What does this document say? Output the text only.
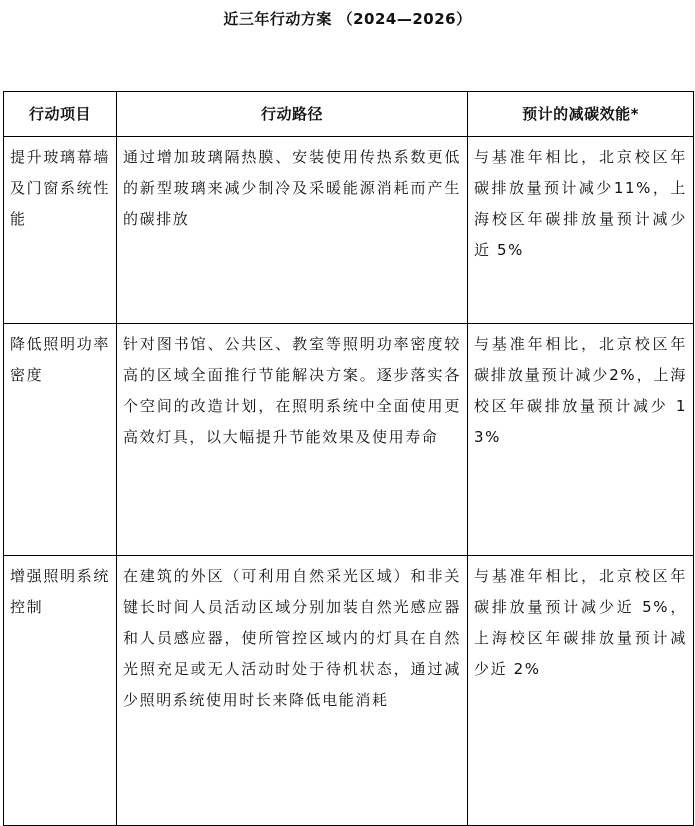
近三年行动方案 （2024—2026）
行动项目	行动路径	预计的减碳效能*
提升玻璃幕墙及门窗系统性能	通过增加玻璃隔热膜、安装使用传热系数更低的新型玻璃来减少制冷及采暖能源消耗而产生的碳排放	与基准年相比，北京校区年碳排放量预计减少11%，上海校区年碳排放量预计减少近 5%
降低照明功率密度	针对图书馆、公共区、教室等照明功率密度较高的区域全面推行节能解决方案。逐步落实各个空间的改造计划，在照明系统中全面使用更高效灯具，以大幅提升节能效果及使用寿命	与基准年相比，北京校区年碳排放量预计减少2%，上海校区年碳排放量预计减少 13%
增强照明系统控制	在建筑的外区（可利用自然采光区域）和非关键长时间人员活动区域分别加装自然光感应器和人员感应器，使所管控区域内的灯具在自然光照充足或无人活动时处于待机状态，通过减少照明系统使用时长来降低电能消耗	与基准年相比，北京校区年碳排放量预计减少近 5%，上海校区年碳排放量预计减少近 2%
